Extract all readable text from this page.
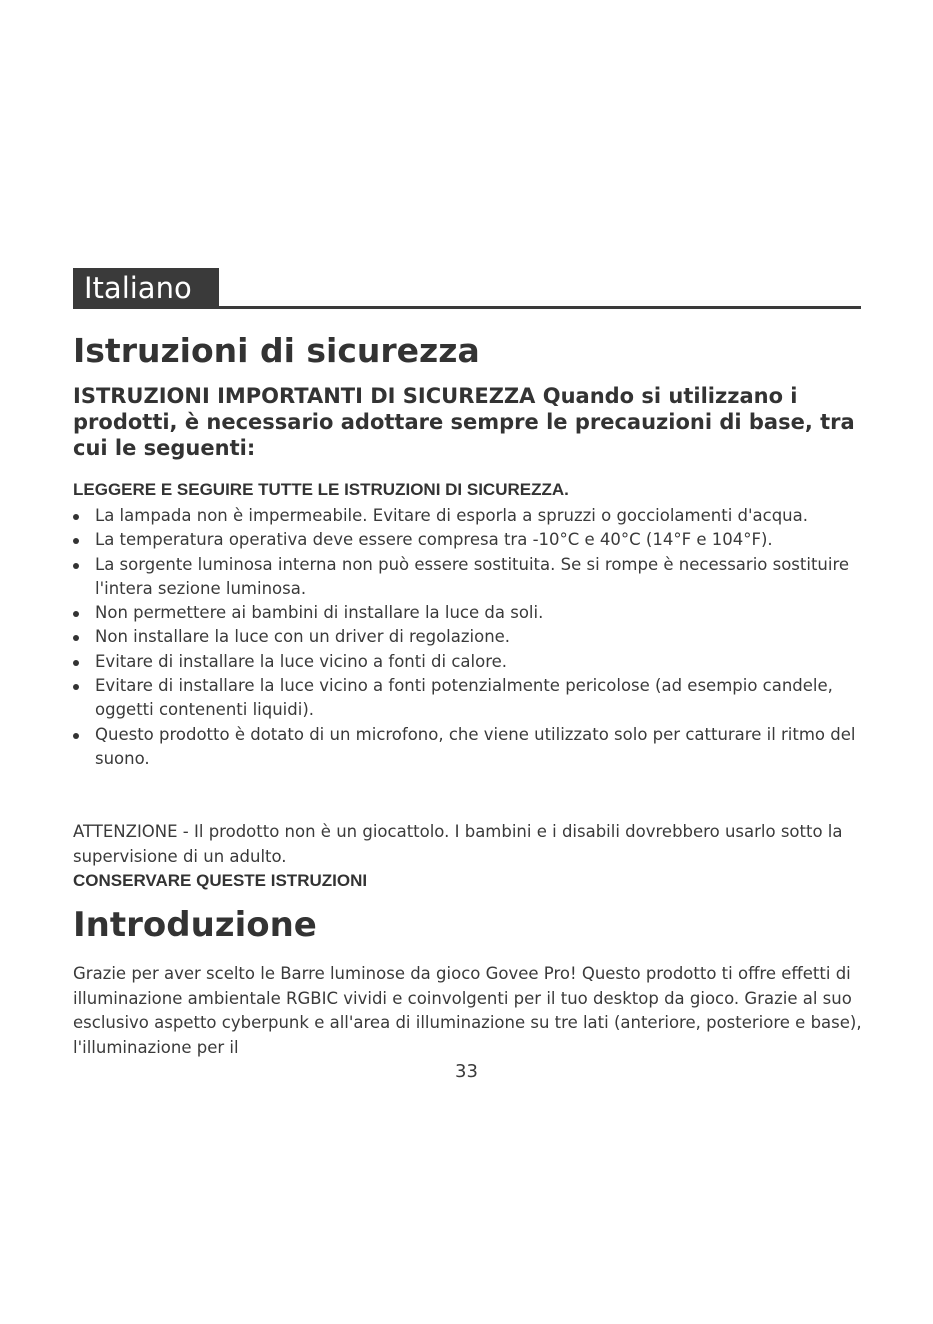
Italiano
Istruzioni di sicurezza

ISTRUZIONI IMPORTANTI DI SICUREZZA Quando si utilizzano i prodotti, è necessario adottare sempre le precauzioni di base, tra cui le seguenti:

LEGGERE E SEGUIRE TUTTE LE ISTRUZIONI DI SICUREZZA.

La lampada non è impermeabile. Evitare di esporla a spruzzi o gocciolamenti d'acqua.
La temperatura operativa deve essere compresa tra -10°C e 40°C (14°F e 104°F).
La sorgente luminosa interna non può essere sostituita. Se si rompe è necessario sostituire l'intera sezione luminosa.
Non permettere ai bambini di installare la luce da soli.
Non installare la luce con un driver di regolazione.
Evitare di installare la luce vicino a fonti di calore.
Evitare di installare la luce vicino a fonti potenzialmente pericolose (ad esempio candele, oggetti contenenti liquidi).
Questo prodotto è dotato di un microfono, che viene utilizzato solo per catturare il ritmo del suono.

ATTENZIONE - Il prodotto non è un giocattolo. I bambini e i disabili dovrebbero usarlo sotto la supervisione di un adulto.

CONSERVARE QUESTE ISTRUZIONI

Introduzione

Grazie per aver scelto le Barre luminose da gioco Govee Pro! Questo prodotto ti offre effetti di illuminazione ambientale RGBIC vividi e coinvolgenti per il tuo desktop da gioco. Grazie al suo esclusivo aspetto cyberpunk e all'area di illuminazione su tre lati (anteriore, posteriore e base), l'illuminazione per il

33
